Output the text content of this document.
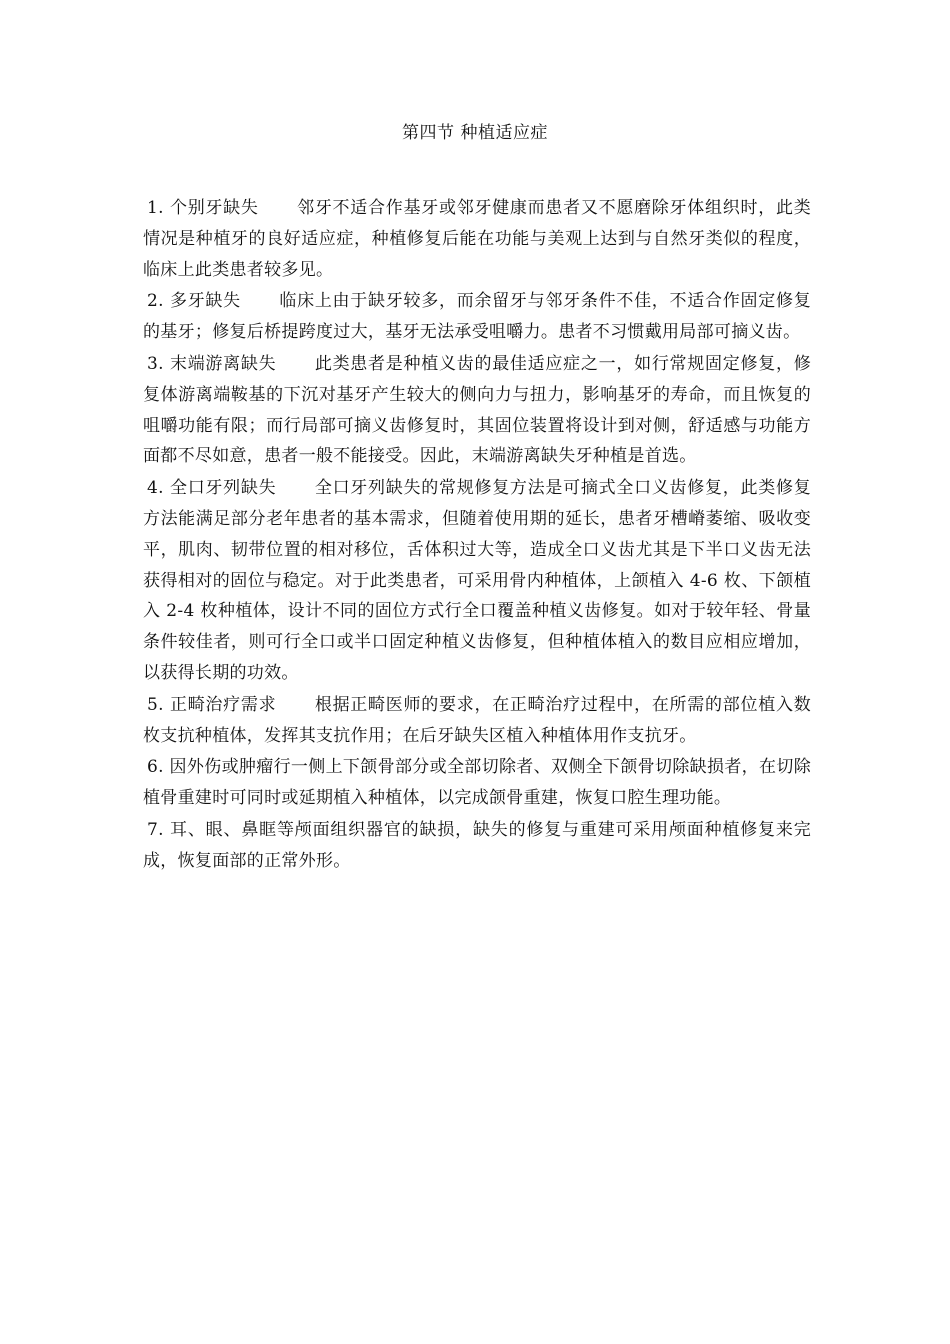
第四节 种植适应症

1. 个别牙缺失 邻牙不适合作基牙或邻牙健康而患者又不愿磨除牙体组织时，此类情况是种植牙的良好适应症，种植修复后能在功能与美观上达到与自然牙类似的程度，临床上此类患者较多见。

2. 多牙缺失 临床上由于缺牙较多，而余留牙与邻牙条件不佳，不适合作固定修复的基牙；修复后桥提跨度过大，基牙无法承受咀嚼力。患者不习惯戴用局部可摘义齿。

3. 末端游离缺失 此类患者是种植义齿的最佳适应症之一，如行常规固定修复，修复体游离端鞍基的下沉对基牙产生较大的侧向力与扭力，影响基牙的寿命，而且恢复的咀嚼功能有限；而行局部可摘义齿修复时，其固位装置将设计到对侧，舒适感与功能方面都不尽如意，患者一般不能接受。因此，末端游离缺失牙种植是首选。

4. 全口牙列缺失 全口牙列缺失的常规修复方法是可摘式全口义齿修复，此类修复方法能满足部分老年患者的基本需求，但随着使用期的延长，患者牙槽嵴萎缩、吸收变平，肌肉、韧带位置的相对移位，舌体积过大等，造成全口义齿尤其是下半口义齿无法获得相对的固位与稳定。对于此类患者，可采用骨内种植体，上颌植入 4-6 枚、下颌植入 2-4 枚种植体，设计不同的固位方式行全口覆盖种植义齿修复。如对于较年轻、骨量条件较佳者，则可行全口或半口固定种植义齿修复，但种植体植入的数目应相应增加，以获得长期的功效。

5. 正畸治疗需求 根据正畸医师的要求，在正畸治疗过程中，在所需的部位植入数枚支抗种植体，发挥其支抗作用；在后牙缺失区植入种植体用作支抗牙。

6. 因外伤或肿瘤行一侧上下颌骨部分或全部切除者、双侧全下颌骨切除缺损者，在切除植骨重建时可同时或延期植入种植体，以完成颌骨重建，恢复口腔生理功能。

7. 耳、眼、鼻眶等颅面组织器官的缺损，缺失的修复与重建可采用颅面种植修复来完成，恢复面部的正常外形。
